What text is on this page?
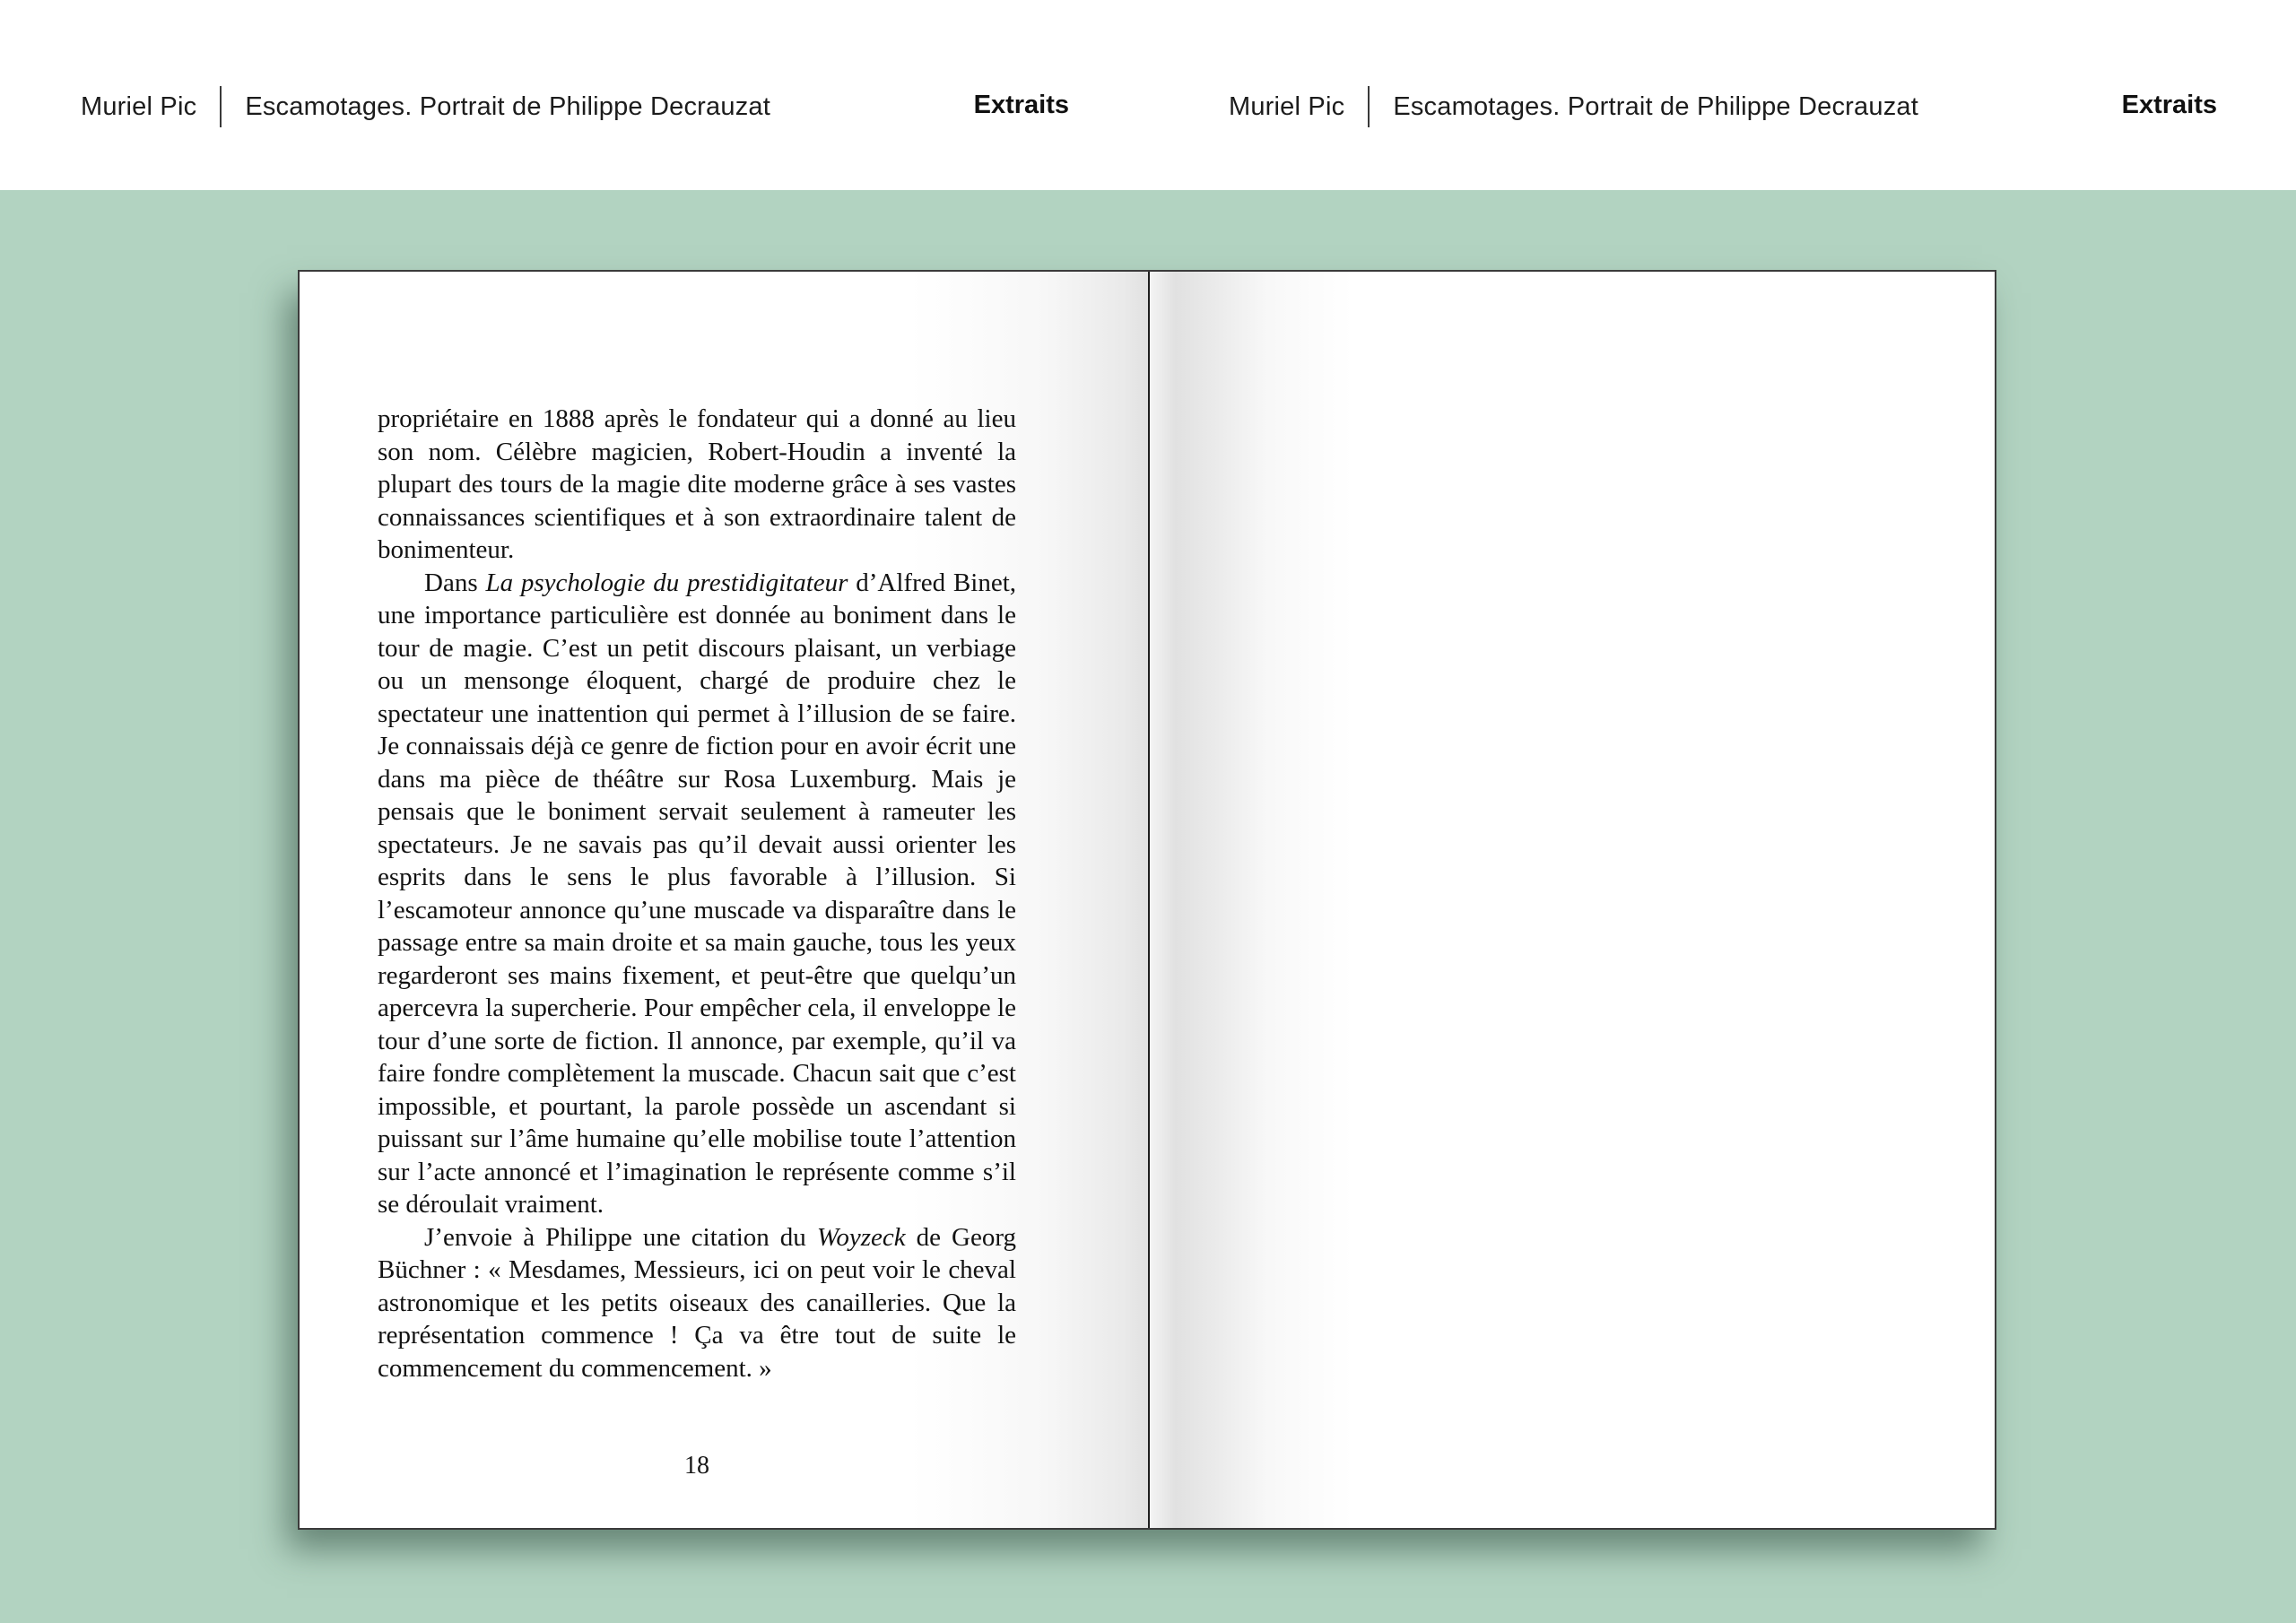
Muriel Pic Escamotages. Portrait de Philippe Decrauzat	Extraits	Muriel Pic Escamotages. Portrait de Philippe Decrauzat	Extraits

propriétaire en 1888 après le fondateur qui a donné au lieu son nom. Célèbre magicien, Robert-Houdin a inventé la plupart des tours de la magie dite moderne grâce à ses vastes connaissances scientifiques et à son extraordinaire talent de bonimenteur.

Dans La psychologie du prestidigitateur d’Alfred Binet, une importance particulière est donnée au boniment dans le tour de magie. C’est un petit discours plaisant, un verbiage ou un mensonge éloquent, chargé de produire chez le spectateur une inattention qui permet à l’illusion de se faire. Je connaissais déjà ce genre de fiction pour en avoir écrit une dans ma pièce de théâtre sur Rosa Luxemburg. Mais je pensais que le boniment servait seulement à rameuter les spectateurs. Je ne savais pas qu’il devait aussi orienter les esprits dans le sens le plus favorable à l’illusion. Si l’escamoteur annonce qu’une muscade va disparaître dans le passage entre sa main droite et sa main gauche, tous les yeux regarderont ses mains fixement, et peut-être que quelqu’un apercevra la supercherie. Pour empêcher cela, il enveloppe le tour d’une sorte de fiction. Il annonce, par exemple, qu’il va faire fondre complètement la muscade. Chacun sait que c’est impossible, et pourtant, la parole possède un ascendant si puissant sur l’âme humaine qu’elle mobilise toute l’attention sur l’acte annoncé et l’imagination le représente comme s’il se déroulait vraiment.

J’envoie à Philippe une citation du Woyzeck de Georg Büchner : « Mesdames, Messieurs, ici on peut voir le cheval astronomique et les petits oiseaux des canailleries. Que la représentation commence ! Ça va être tout de suite le commencement du commencement. »

18
